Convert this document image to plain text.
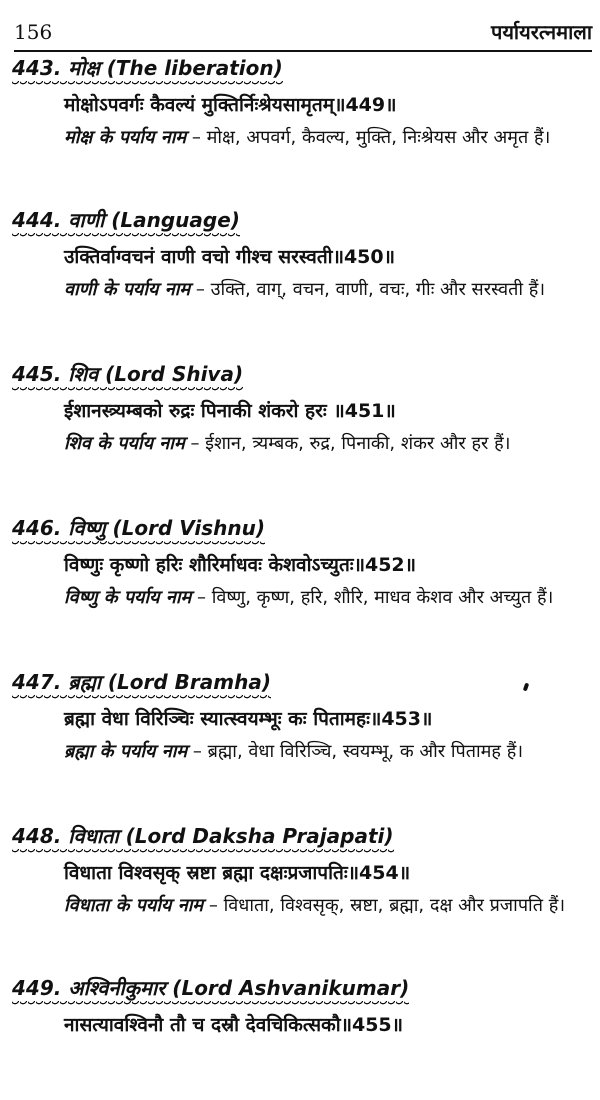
156	पर्यायरत्नमाला
443. मोक्ष (The liberation)
मोक्षोऽपवर्गः कैवल्यं मुक्तिर्निःश्रेयसामृतम्॥449॥
मोक्ष के पर्याय नाम – मोक्ष, अपवर्ग, कैवल्य, मुक्ति, निःश्रेयस और अमृत हैं।
444. वाणी (Language)
उक्तिर्वाग्वचनं वाणी वचो गीश्च सरस्वती॥450॥
वाणी के पर्याय नाम – उक्ति, वाग्, वचन, वाणी, वचः, गीः और सरस्वती हैं।
445. शिव (Lord Shiva)
ईशानस्त्र्यम्बको रुद्रः पिनाकी शंकरो हरः ॥451॥
शिव के पर्याय नाम – ईशान, त्र्यम्बक, रुद्र, पिनाकी, शंकर और हर हैं।
446. विष्णु (Lord Vishnu)
विष्णुः कृष्णो हरिः शौरिर्माधवः केशवोऽच्युतः॥452॥
विष्णु के पर्याय नाम – विष्णु, कृष्ण, हरि, शौरि, माधव केशव और अच्युत हैं।
447. ब्रह्मा (Lord Bramha)
ब्रह्मा वेधा विरिञ्चिः स्यात्स्वयम्भूः कः पितामहः॥453॥
ब्रह्मा के पर्याय नाम – ब्रह्मा, वेधा विरिञ्चि, स्वयम्भू, क और पितामह हैं।
448. विधाता (Lord Daksha Prajapati)
विधाता विश्वसृक् स्रष्टा ब्रह्मा दक्षःप्रजापतिः॥454॥
विधाता के पर्याय नाम – विधाता, विश्वसृक्, स्रष्टा, ब्रह्मा, दक्ष और प्रजापति हैं।
449. अश्विनीकुमार (Lord Ashvanikumar)
नासत्यावश्विनौ तौ च दस्रौ देवचिकित्सकौ॥455॥
